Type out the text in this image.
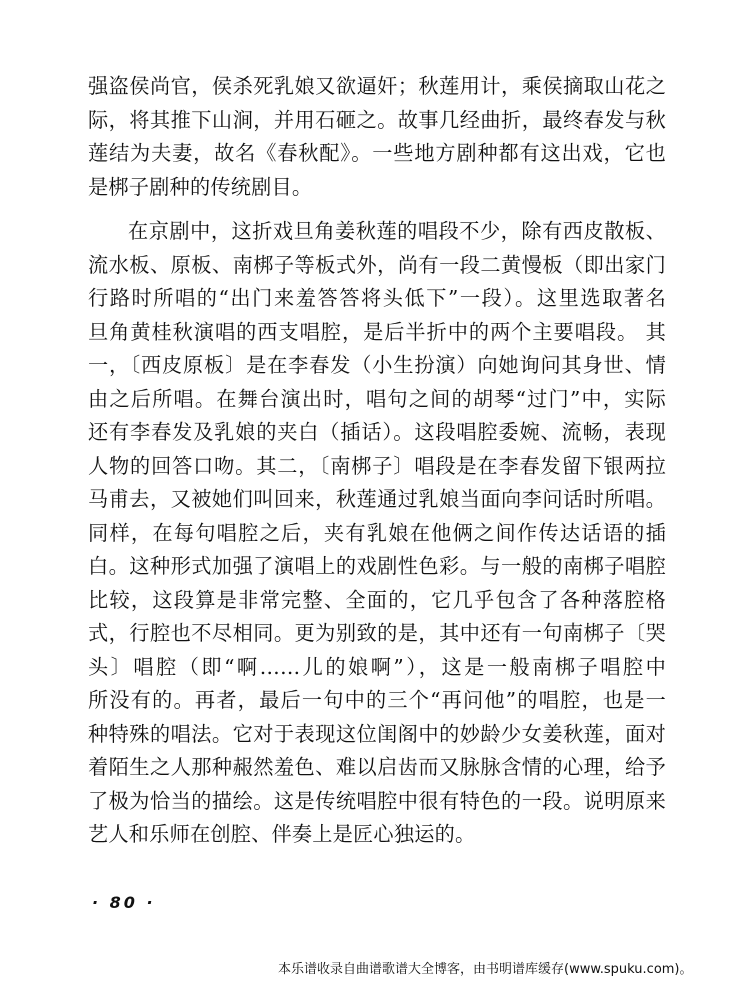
强盗侯尚官，侯杀死乳娘又欲逼奸；秋莲用计，乘侯摘取山花之
际，将其推下山涧，并用石砸之。故事几经曲折，最终春发与秋
莲结为夫妻，故名《春秋配》。一些地方剧种都有这出戏，它也
是梆子剧种的传统剧目。
在京剧中，这折戏旦角姜秋莲的唱段不少，除有西皮散板、
流水板、原板、南梆子等板式外，尚有一段二黄慢板（即出家门
行路时所唱的“出门来羞答答将头低下”一段）。这里选取著名
旦角黄桂秋演唱的西支唱腔，是后半折中的两个主要唱段。 其
一，〔西皮原板〕是在李春发（小生扮演）向她询问其身世、情
由之后所唱。在舞台演出时，唱句之间的胡琴“过门”中，实际
还有李春发及乳娘的夹白（插话）。这段唱腔委婉、流畅，表现
人物的回答口吻。其二，〔南梆子〕唱段是在李春发留下银两拉
马甫去，又被她们叫回来，秋莲通过乳娘当面向李问话时所唱。
同样，在每句唱腔之后，夹有乳娘在他俩之间作传达话语的插
白。这种形式加强了演唱上的戏剧性色彩。与一般的南梆子唱腔
比较，这段算是非常完整、全面的，它几乎包含了各种落腔格
式，行腔也不尽相同。更为别致的是，其中还有一句南梆子〔哭
头〕唱腔（即“啊……儿的娘啊”），这是一般南梆子唱腔中
所没有的。再者，最后一句中的三个“再问他”的唱腔，也是一
种特殊的唱法。它对于表现这位闺阁中的妙龄少女姜秋莲，面对
着陌生之人那种赧然羞色、难以启齿而又脉脉含情的心理，给予
了极为恰当的描绘。这是传统唱腔中很有特色的一段。说明原来
艺人和乐师在创腔、伴奏上是匠心独运的。
· 80 ·
本乐谱收录自曲谱歌谱大全博客，由书明谱库缓存(www.spuku.com)。
